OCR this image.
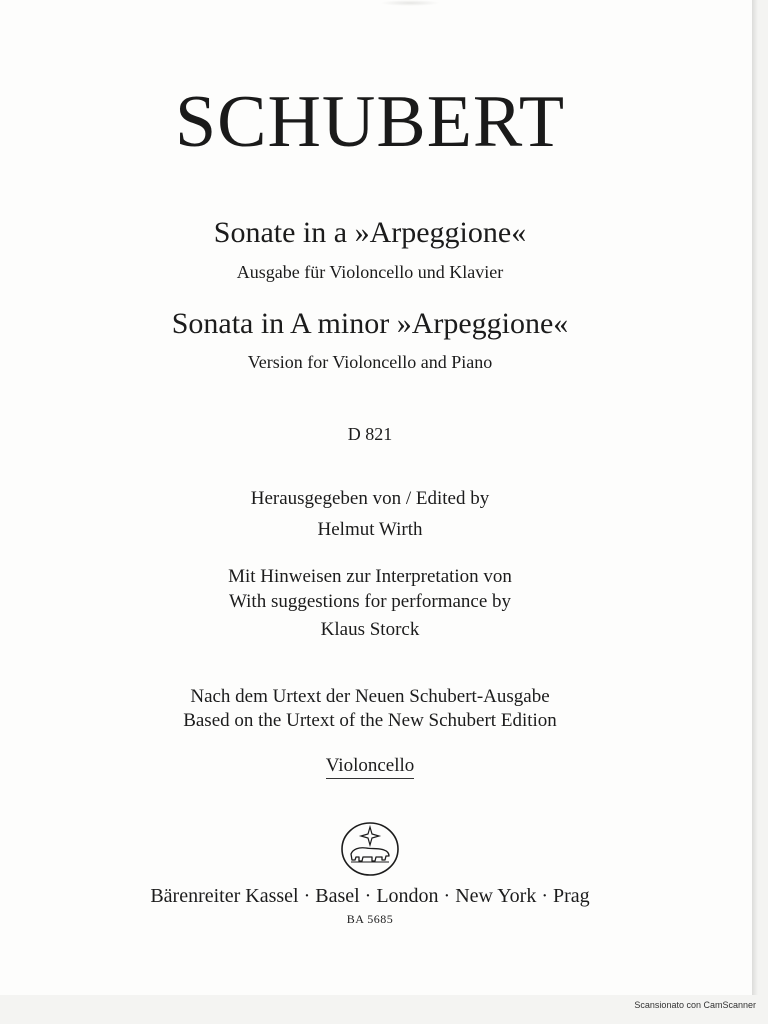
SCHUBERT
Sonate in a »Arpeggione«
Ausgabe für Violoncello und Klavier
Sonata in A minor »Arpeggione«
Version for Violoncello and Piano
D 821
Herausgegeben von / Edited by
Helmut Wirth
Mit Hinweisen zur Interpretation von
With suggestions for performance by
Klaus Storck
Nach dem Urtext der Neuen Schubert-Ausgabe
Based on the Urtext of the New Schubert Edition
Violoncello
Bärenreiter Kassel · Basel · London · New York · Prag
BA 5685
Scansionato con CamScanner
